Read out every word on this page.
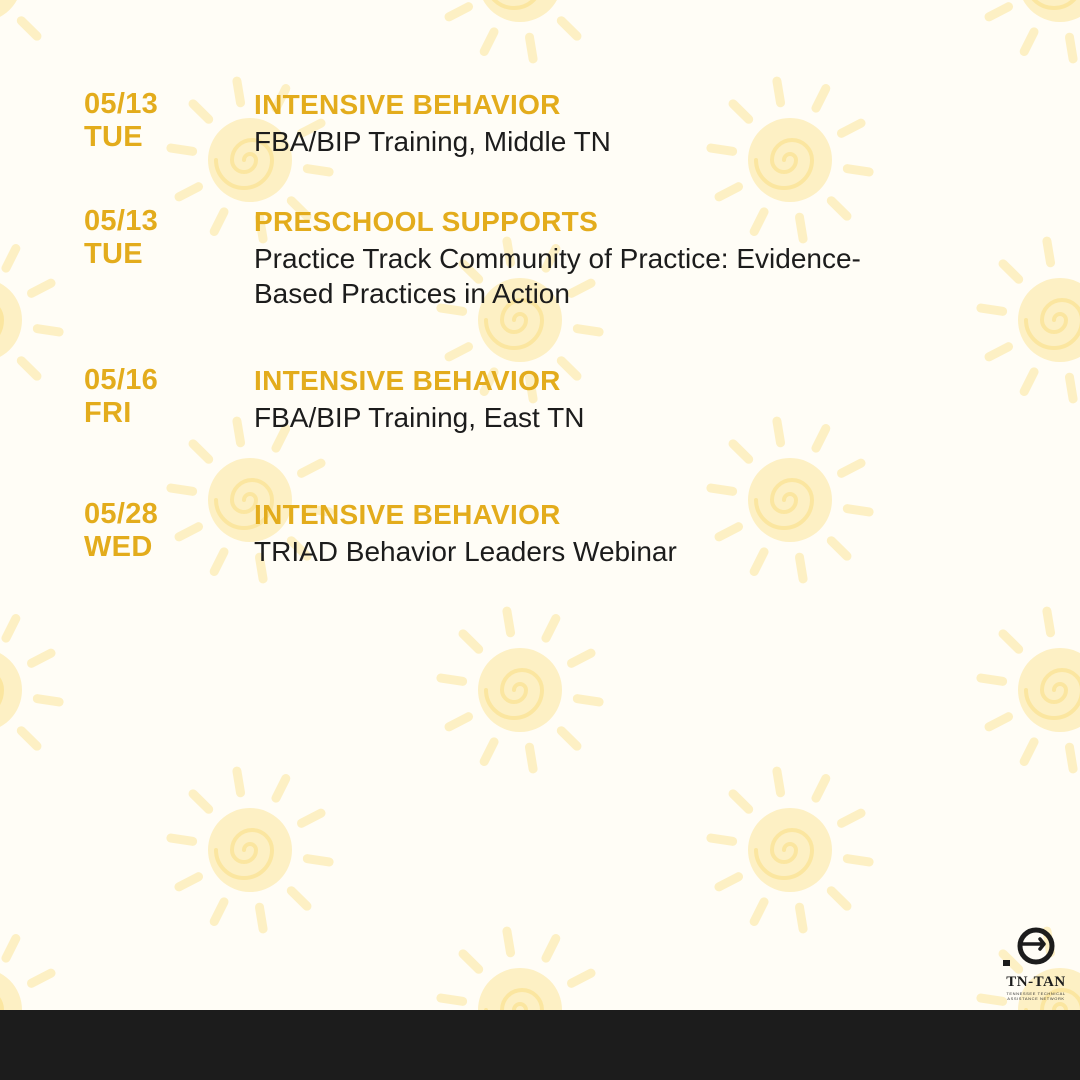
05/13
TUE
INTENSIVE BEHAVIOR
FBA/BIP Training, Middle TN
05/13
TUE
PRESCHOOL SUPPORTS
Practice Track Community of Practice: Evidence-Based Practices in Action
05/16
FRI
INTENSIVE BEHAVIOR
FBA/BIP Training, East TN
05/28
WED
INTENSIVE BEHAVIOR
TRIAD Behavior Leaders Webinar
TN-TAN
TENNESSEE TECHNICAL ASSISTANCE NETWORK
